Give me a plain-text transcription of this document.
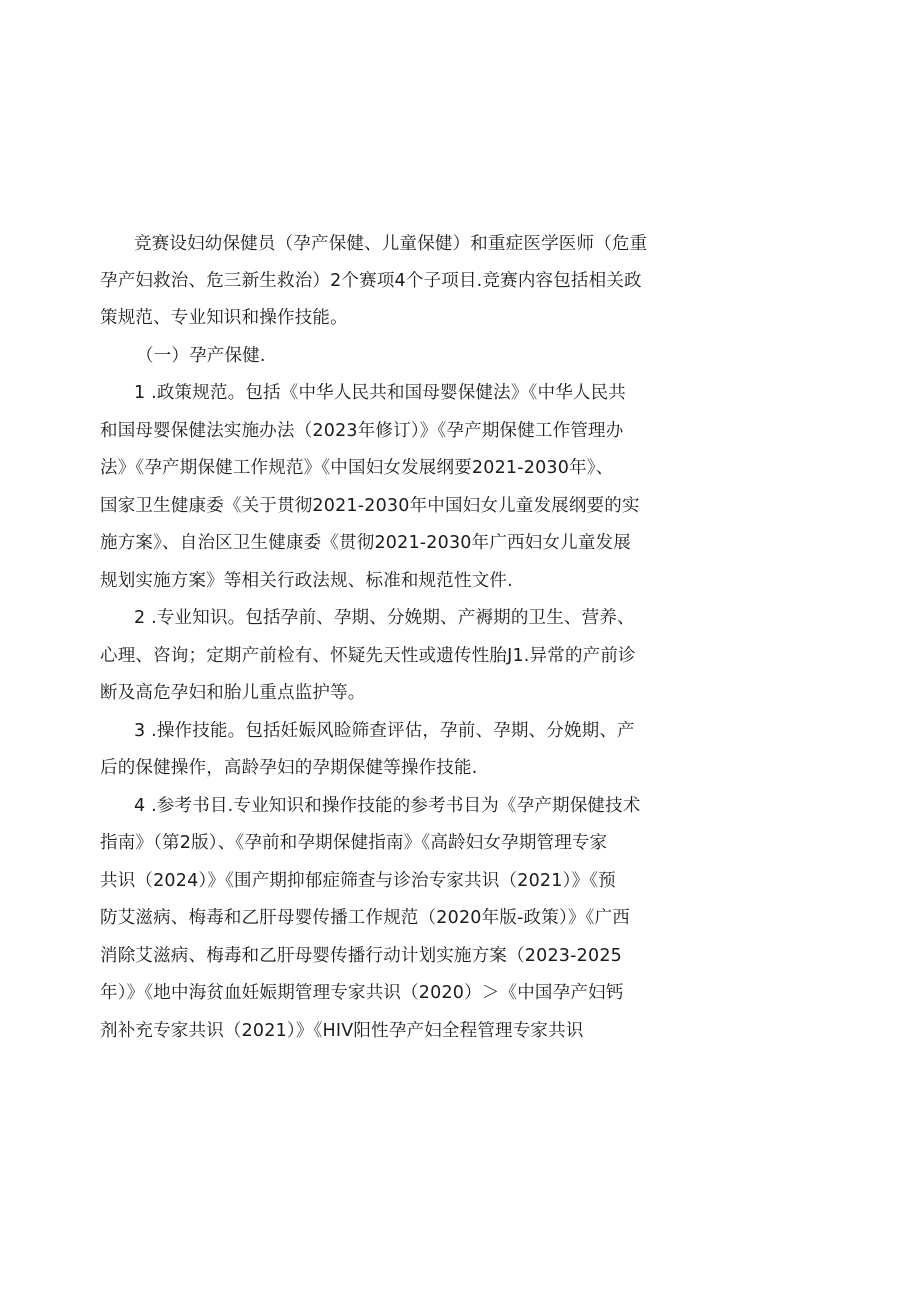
竞赛设妇幼保健员（孕产保健、儿童保健）和重症医学医师（危重
孕产妇救治、危三新生救治）2个赛项4个子项目.竞赛内容包括相关政
策规范、专业知识和操作技能。
（一）孕产保健.
1 .政策规范。包括《中华人民共和国母婴保健法》《中华人民共
和国母婴保健法实施办法（2023年修订）》《孕产期保健工作管理办
法》《孕产期保健工作规范》《中国妇女发展纲要2021-2030年》、
国家卫生健康委《关于贯彻2021-2030年中国妇女儿童发展纲要的实
施方案》、自治区卫生健康委《贯彻2021-2030年广西妇女儿童发展
规划实施方案》等相关行政法规、标准和规范性文件.
2 .专业知识。包括孕前、孕期、分娩期、产褥期的卫生、营养、
心理、咨询；定期产前检有、怀疑先天性或遗传性胎J1.异常的产前诊
断及高危孕妇和胎儿重点监护等。
3 .操作技能。包括妊娠风睑筛查评估，孕前、孕期、分娩期、产
后的保健操作，高龄孕妇的孕期保健等操作技能.
4 .参考书目.专业知识和操作技能的参考书目为《孕产期保健技术
指南》（第2版）、《孕前和孕期保健指南》《高龄妇女孕期管理专家
共识（2024）》《围产期抑郁症筛查与诊治专家共识（2021）》《预
防艾滋病、梅毒和乙肝母婴传播工作规范（2020年版-政策）》《广西
消除艾滋病、梅毒和乙肝母婴传播行动计划实施方案（2023-2025
年）》《地中海贫血妊娠期管理专家共识（2020）＞《中国孕产妇钙
剂补充专家共识（2021）》《HIV阳性孕产妇全程管理专家共识
